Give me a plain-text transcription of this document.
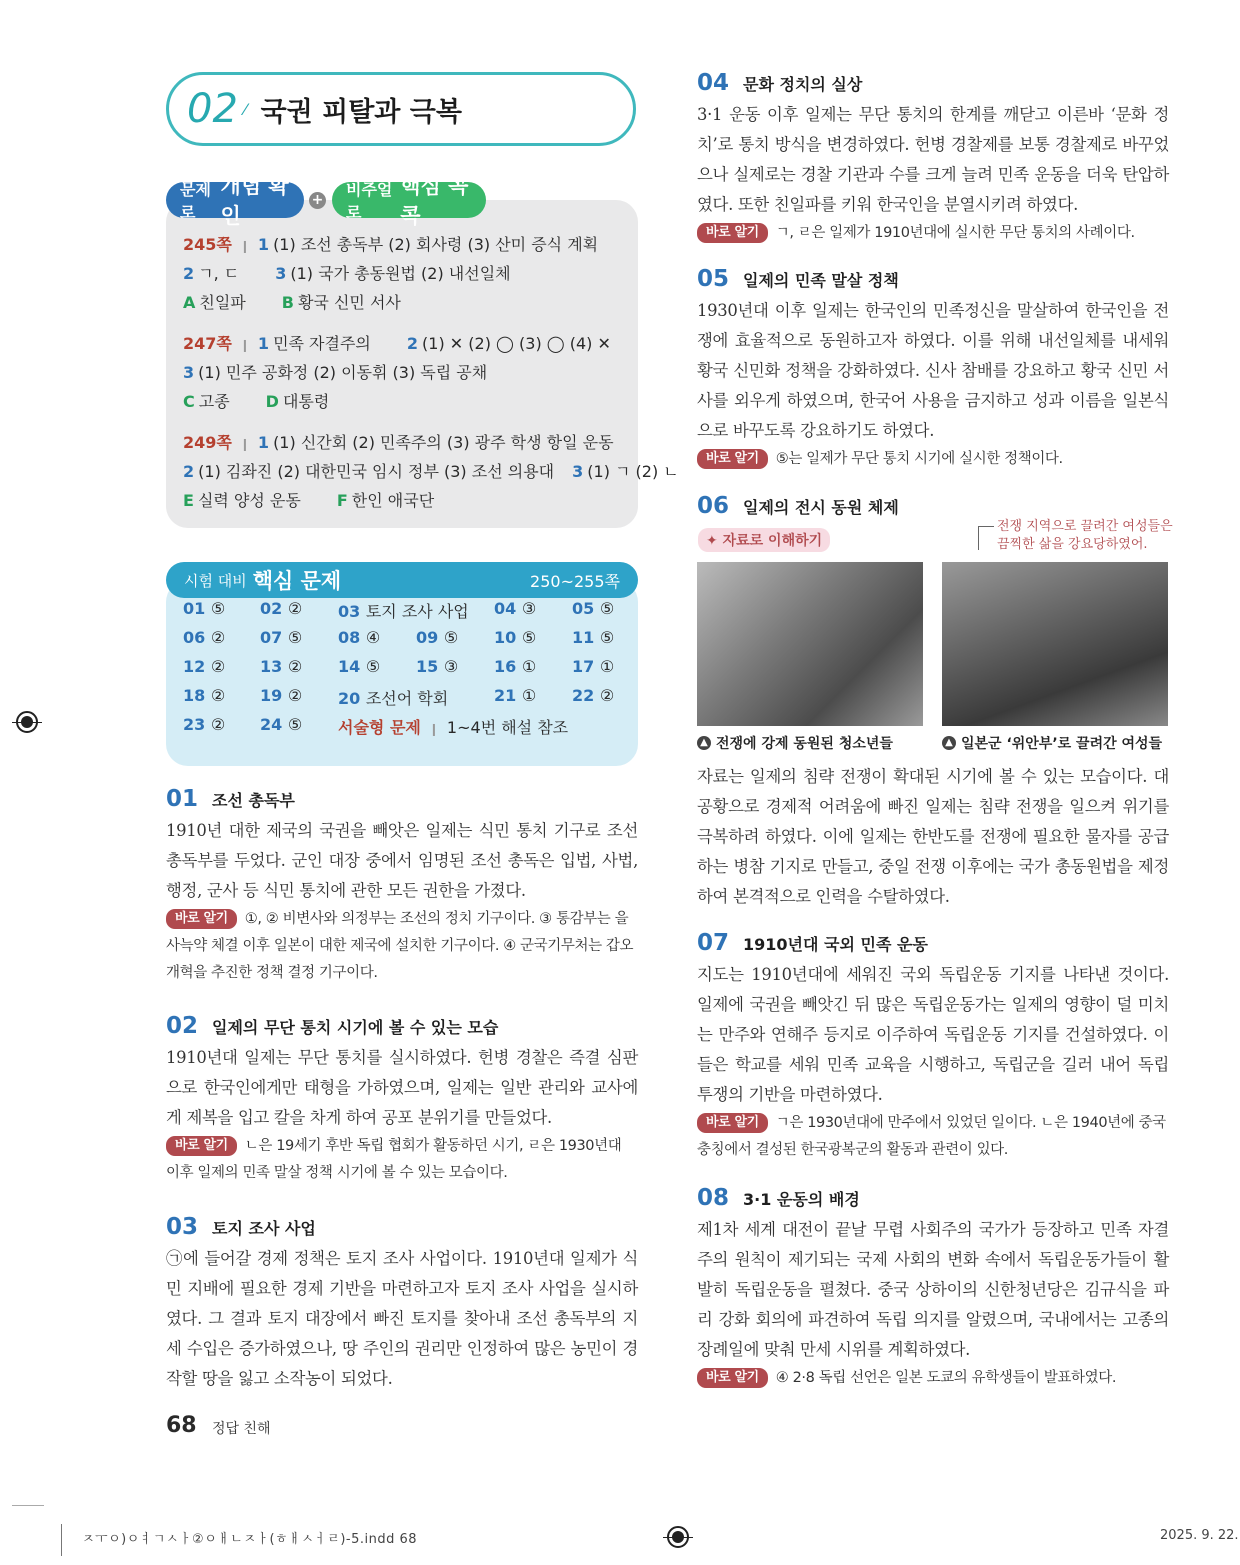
02 ⁄ 국권 피탈과 극복
245쪽 ❙ 1 (1) 조선 총독부 (2) 회사령 (3) 산미 증식 계획
2 ㄱ, ㄷ 3 (1) 국가 총동원법 (2) 내선일체
A 친일파 B 황국 신민 서사
247쪽 ❙ 1 민족 자결주의 2 (1) ✕ (2) ◯ (3) ◯ (4) ✕
3 (1) 민주 공화정 (2) 이동휘 (3) 독립 공채
C 고종 D 대통령
249쪽 ❙ 1 (1) 신간회 (2) 민족주의 (3) 광주 학생 항일 운동
2 (1) 김좌진 (2) 대한민국 임시 정부 (3) 조선 의용대 3 (1) ㄱ (2) ㄴ
E 실력 양성 운동 F 한인 애국단
문제로
개념 확인
+
비주얼로
핵심 콕콕
01 ⑤ 02 ② 03 토지 조사 사업 04 ③ 05 ⑤
06 ② 07 ⑤ 08 ④ 09 ⑤ 10 ⑤ 11 ⑤
12 ② 13 ② 14 ⑤ 15 ③ 16 ① 17 ①
18 ② 19 ② 20 조선어 학회	21 ① 22 ②
23 ② 24 ⑤ 서술형 문제 ❙ 1~4번 해설 참조
시험 대비 핵심 문제	250~255쪽
01 조선 총독부
1910년 대한 제국의 국권을 빼앗은 일제는 식민 통치 기구로 조선 총독부를 두었다. 군인 대장 중에서 임명된 조선 총독은 입법, 사법, 행정, 군사 등 식민 통치에 관한 모든 권한을 가졌다.
바로 알기 ①, ② 비변사와 의정부는 조선의 정치 기구이다. ③ 통감부는 을사늑약 체결 이후 일본이 대한 제국에 설치한 기구이다. ④ 군국기무처는 갑오개혁을 추진한 정책 결정 기구이다.
02 일제의 무단 통치 시기에 볼 수 있는 모습
1910년대 일제는 무단 통치를 실시하였다. 헌병 경찰은 즉결 심판으로 한국인에게만 태형을 가하였으며, 일제는 일반 관리와 교사에게 제복을 입고 칼을 차게 하여 공포 분위기를 만들었다.
바로 알기 ㄴ은 19세기 후반 독립 협회가 활동하던 시기, ㄹ은 1930년대 이후 일제의 민족 말살 정책 시기에 볼 수 있는 모습이다.
03 토지 조사 사업
㉠에 들어갈 경제 정책은 토지 조사 사업이다. 1910년대 일제가 식민 지배에 필요한 경제 기반을 마련하고자 토지 조사 사업을 실시하였다. 그 결과 토지 대장에서 빠진 토지를 찾아내 조선 총독부의 지세 수입은 증가하였으나, 땅 주인의 권리만 인정하여 많은 농민이 경작할 땅을 잃고 소작농이 되었다.
04 문화 정치의 실상
3·1 운동 이후 일제는 무단 통치의 한계를 깨닫고 이른바 ‘문화 정치’로 통치 방식을 변경하였다. 헌병 경찰제를 보통 경찰제로 바꾸었으나 실제로는 경찰 기관과 수를 크게 늘려 민족 운동을 더욱 탄압하였다. 또한 친일파를 키워 한국인을 분열시키려 하였다.
바로 알기 ㄱ, ㄹ은 일제가 1910년대에 실시한 무단 통치의 사례이다.
05 일제의 민족 말살 정책
1930년대 이후 일제는 한국인의 민족정신을 말살하여 한국인을 전쟁에 효율적으로 동원하고자 하였다. 이를 위해 내선일체를 내세워 황국 신민화 정책을 강화하였다. 신사 참배를 강요하고 황국 신민 서사를 외우게 하였으며, 한국어 사용을 금지하고 성과 이름을 일본식으로 바꾸도록 강요하기도 하였다.
바로 알기 ⑤는 일제가 무단 통치 시기에 실시한 정책이다.
06 일제의 전시 동원 체제
✦ 자료로 이해하기
전쟁 지역으로 끌려간 여성들은
끔찍한 삶을 강요당하였어.
▲ 전쟁에 강제 동원된 청소년들	▲ 일본군 ‘위안부’로 끌려간 여성들
자료는 일제의 침략 전쟁이 확대된 시기에 볼 수 있는 모습이다. 대공황으로 경제적 어려움에 빠진 일제는 침략 전쟁을 일으켜 위기를 극복하려 하였다. 이에 일제는 한반도를 전쟁에 필요한 물자를 공급하는 병참 기지로 만들고, 중일 전쟁 이후에는 국가 총동원법을 제정하여 본격적으로 인력을 수탈하였다.
07 1910년대 국외 민족 운동
지도는 1910년대에 세워진 국외 독립운동 기지를 나타낸 것이다. 일제에 국권을 빼앗긴 뒤 많은 독립운동가는 일제의 영향이 덜 미치는 만주와 연해주 등지로 이주하여 독립운동 기지를 건설하였다. 이들은 학교를 세워 민족 교육을 시행하고, 독립군을 길러 내어 독립 투쟁의 기반을 마련하였다.
바로 알기 ㄱ은 1930년대에 만주에서 있었던 일이다. ㄴ은 1940년에 중국 충칭에서 결성된 한국광복군의 활동과 관련이 있다.
08 3·1 운동의 배경
제1차 세계 대전이 끝날 무렵 사회주의 국가가 등장하고 민족 자결주의 원칙이 제기되는 국제 사회의 변화 속에서 독립운동가들이 활발히 독립운동을 펼쳤다. 중국 상하이의 신한청년당은 김규식을 파리 강화 회의에 파견하여 독립 의지를 알렸으며, 국내에서는 고종의 장례일에 맞춰 만세 시위를 계획하였다.
바로 알기 ④ 2·8 독립 선언은 일본 도쿄의 유학생들이 발표하였다.
68 정답 친해
ㅈㅜㅇ)ㅇㅕㄱㅅㅏ②ㅇㅐㄴㅈㅏ(ㅎㅐㅅㅓㄹ)-5.indd 68	2025. 9. 22.
